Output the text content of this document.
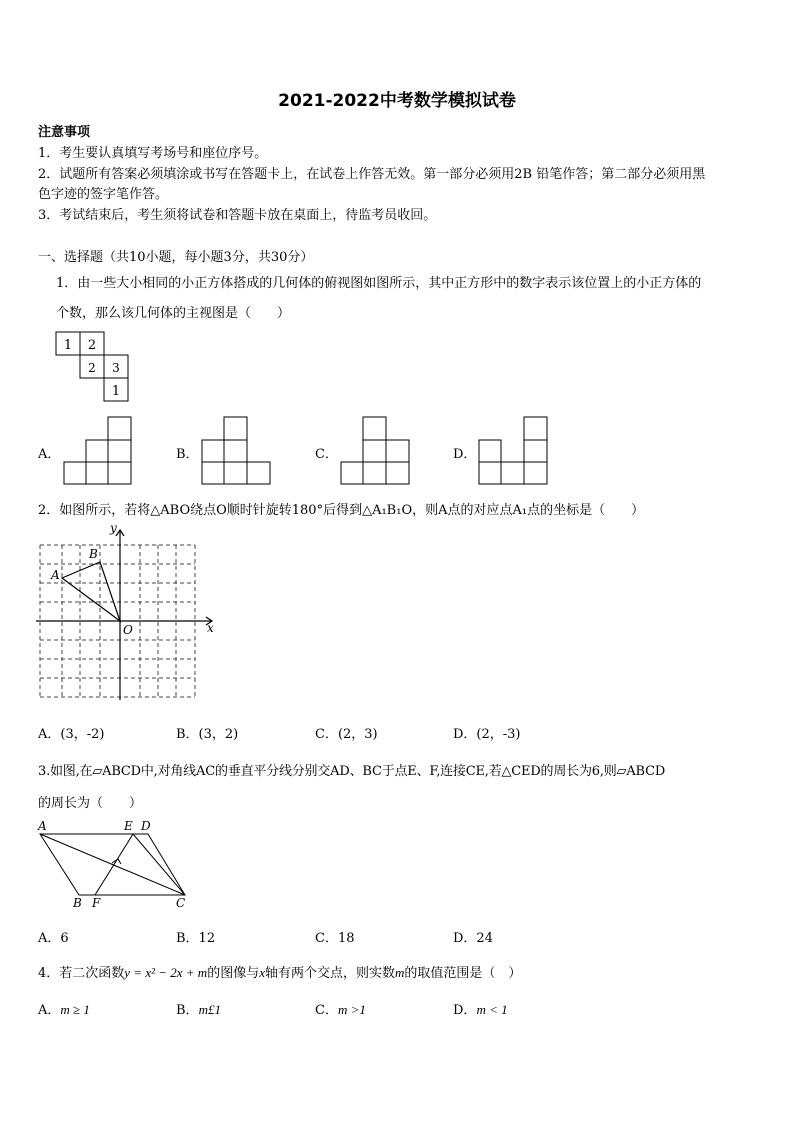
2021-2022中考数学模拟试卷
注意事项
1．考生要认真填写考场号和座位序号。
2．试题所有答案必须填涂或书写在答题卡上，在试卷上作答无效。第一部分必须用2B 铅笔作答；第二部分必须用黑
色字迹的签字笔作答。
3．考试结束后，考生须将试卷和答题卡放在桌面上，待监考员收回。
一、选择题（共10小题，每小题3分，共30分）
1．由一些大小相同的小正方体搭成的几何体的俯视图如图所示，其中正方形中的数字表示该位置上的小正方体的
个数，那么该几何体的主视图是（　　）
1 2
2 3
1
y
x
O
A
B
A	E D
B F	C
A．	B．	C．	D．
2．如图所示，若将△ABO绕点O顺时针旋转180°后得到△A₁B₁O，则A点的对应点A₁点的坐标是（　　）
A．(3，-2)	B．(3，2)	C．(2，3)	D．(2，-3)
3.如图,在▱ABCD中,对角线AC的垂直平分线分别交AD、BC于点E、F,连接CE,若△CED的周长为6,则▱ABCD
的周长为（　　）
A．6	B．12	C．18	D．24
4．若二次函数y = x² − 2x + m的图像与x轴有两个交点，则实数m的取值范围是（　）
A．m ≥ 1	B．m£1	C．m >1	D．m < 1
